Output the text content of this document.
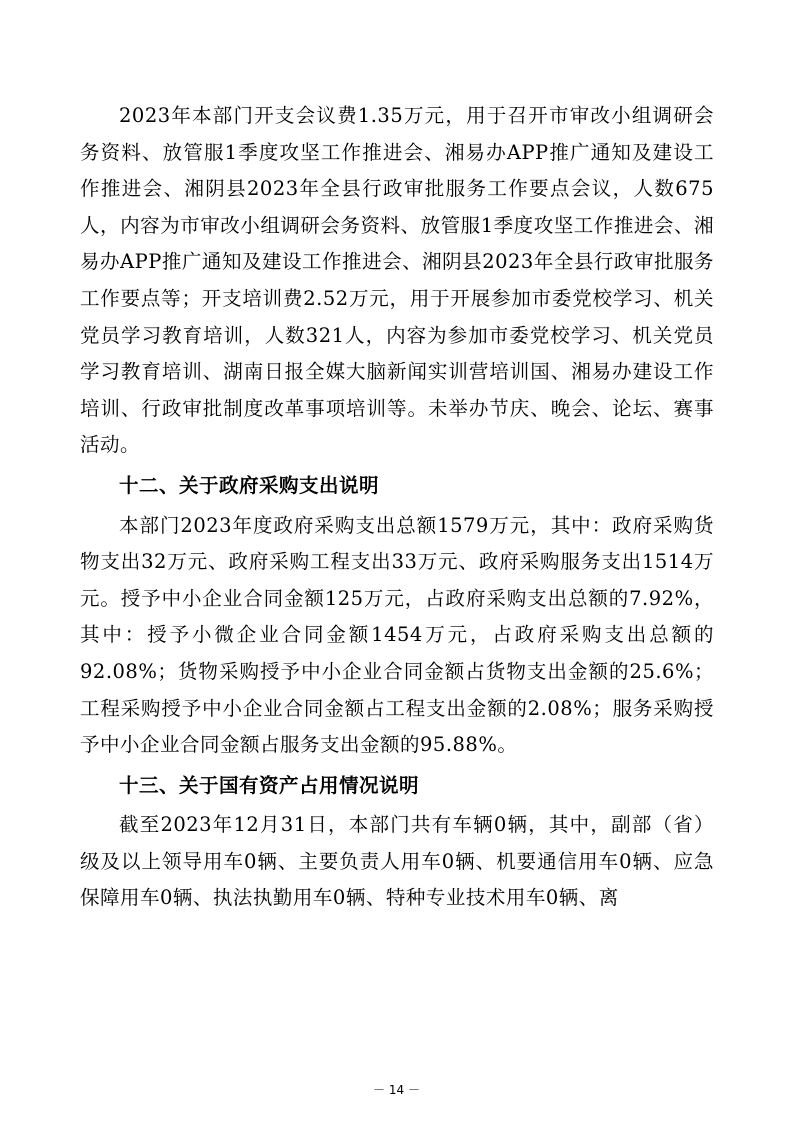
2023年本部门开支会议费1.35万元，用于召开市审改小组调研会务资料、放管服1季度攻坚工作推进会、湘易办APP推广通知及建设工作推进会、湘阴县2023年全县行政审批服务工作要点会议，人数675人，内容为市审改小组调研会务资料、放管服1季度攻坚工作推进会、湘易办APP推广通知及建设工作推进会、湘阴县2023年全县行政审批服务工作要点等；开支培训费2.52万元，用于开展参加市委党校学习、机关党员学习教育培训，人数321人，内容为参加市委党校学习、机关党员学习教育培训、湖南日报全媒大脑新闻实训营培训国、湘易办建设工作培训、行政审批制度改革事项培训等。未举办节庆、晚会、论坛、赛事活动。

十二、关于政府采购支出说明

本部门2023年度政府采购支出总额1579万元，其中：政府采购货物支出32万元、政府采购工程支出33万元、政府采购服务支出1514万元。授予中小企业合同金额125万元，占政府采购支出总额的7.92%，其中：授予小微企业合同金额1454万元，占政府采购支出总额的92.08%；货物采购授予中小企业合同金额占货物支出金额的25.6%；工程采购授予中小企业合同金额占工程支出金额的2.08%；服务采购授予中小企业合同金额占服务支出金额的95.88%。

十三、关于国有资产占用情况说明

截至2023年12月31日，本部门共有车辆0辆，其中，副部（省）级及以上领导用车0辆、主要负责人用车0辆、机要通信用车0辆、应急保障用车0辆、执法执勤用车0辆、特种专业技术用车0辆、离

－ 14 －
